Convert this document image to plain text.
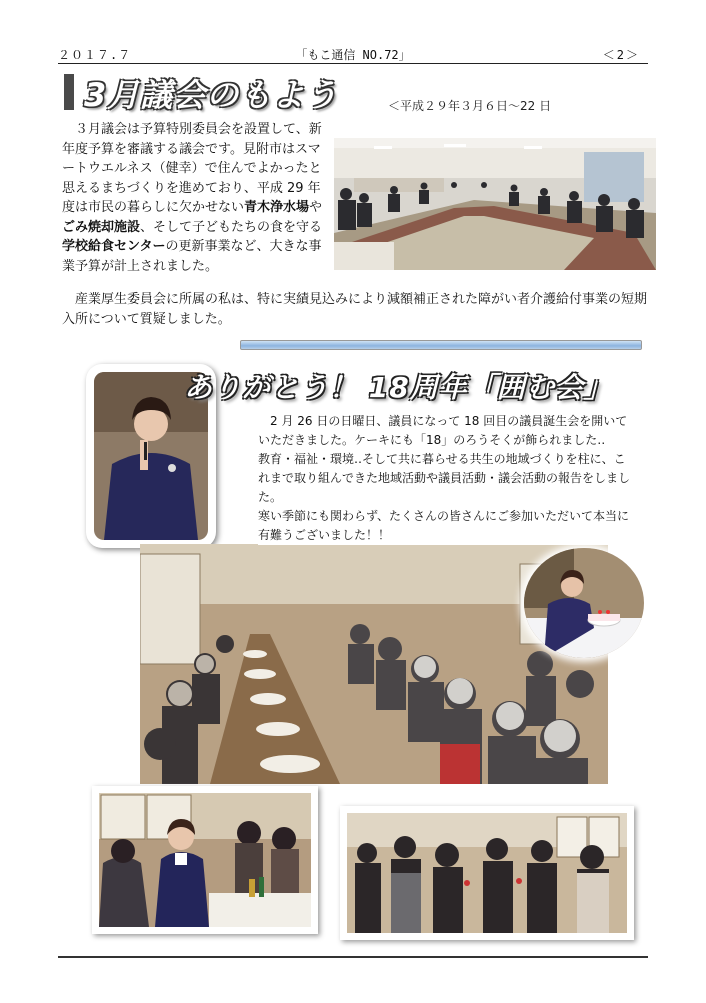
２０１７.７	「もこ通信 NO.72」	＜2＞
3月議会のもよう	＜平成２９年３月６日～22 日
　３月議会は予算特別委員会を設置して、新年度予算を審議する議会です。見附市はスマートウエルネス（健幸）で住んでよかったと思えるまちづくりを進めており、平成 29 年度は市民の暮らしに欠かせない青木浄水場やごみ焼却施設、そして子どもたちの食を守る学校給食センターの更新事業など、大きな事業予算が計上されました。
　産業厚生委員会に所属の私は、特に実績見込みにより減額補正された障がい者介護給付事業の短期入所について質疑しました。
ありがとう！ 18周年「囲む会」

　2 月 26 日の日曜日、議員になって 18 回目の議員誕生会を開いていただきました。ケーキにも「18」のろうそくが飾られました‥

教育・福祉・環境‥そして共に暮らせる共生の地域づくりを柱に、これまで取り組んできた地域活動や議員活動・議会活動の報告をしました。

寒い季節にも関わらず、たくさんの皆さんにご参加いただいて本当に有難うございました！！
